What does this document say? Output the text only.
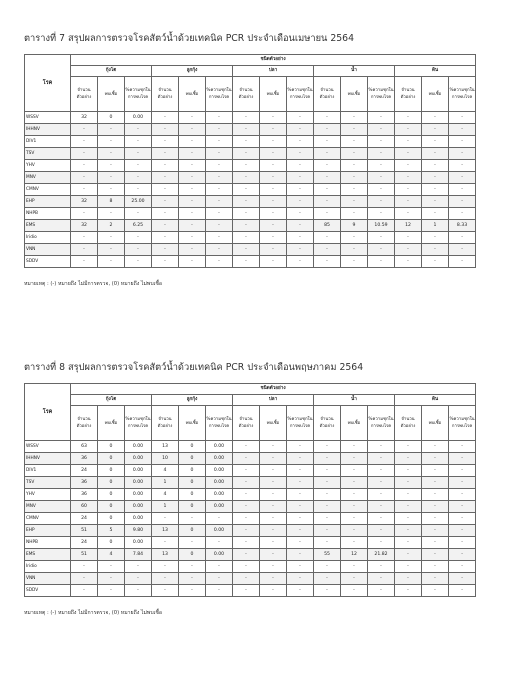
ตารางที่ 7 สรุปผลการตรวจโรคสัตว์น้ำด้วยเทคนิค PCR ประจำเดือนเมษายน 2564
โรค	ชนิดตัวอย่าง														
	กุ้งโต			ลูกกุ้ง			ปลา			น้ำ			ดิน		
	จำนวนตัวอย่าง	พบเชื้อ	%ความชุกในการพบโรค	จำนวนตัวอย่าง	พบเชื้อ	%ความชุกในการพบโรค	จำนวนตัวอย่าง	พบเชื้อ	%ความชุกในการพบโรค	จำนวนตัวอย่าง	พบเชื้อ	%ความชุกในการพบโรค	จำนวนตัวอย่าง	พบเชื้อ	%ความชุกในการพบโรค
WSSV	32	0	0.00	-	-	-	-	-	-	-	-	-	-	-	-
IHHNV	-	-	-	-	-	-	-	-	-	-	-	-	-	-	-
DIV1	-	-	-	-	-	-	-	-	-	-	-	-	-	-	-
TSV	-	-	-	-	-	-	-	-	-	-	-	-	-	-	-
YHV	-	-	-	-	-	-	-	-	-	-	-	-	-	-	-
MNV	-	-	-	-	-	-	-	-	-	-	-	-	-	-	-
CMNV	-	-	-	-	-	-	-	-	-	-	-	-	-	-	-
EHP	32	8	25.00	-	-	-	-	-	-	-	-	-	-	-	-
NHPB	-	-	-	-	-	-	-	-	-	-	-	-	-	-	-
EMS	32	2	6.25	-	-	-	-	-	-	85	9	10.59	12	1	8.33
Iridio	-	-	-	-	-	-	-	-	-	-	-	-	-	-	-
VNN	-	-	-	-	-	-	-	-	-	-	-	-	-	-	-
SDDV	-	-	-	-	-	-	-	-	-	-	-	-	-	-	-
หมายเหตุ : (-) หมายถึง ไม่มีการตรวจ, (0) หมายถึง ไม่พบเชื้อ
ตารางที่ 8 สรุปผลการตรวจโรคสัตว์น้ำด้วยเทคนิค PCR ประจำเดือนพฤษภาคม 2564
โรค	ชนิดตัวอย่าง														
	กุ้งโต			ลูกกุ้ง			ปลา			น้ำ			ดิน		
	จำนวนตัวอย่าง	พบเชื้อ	%ความชุกในการพบโรค	จำนวนตัวอย่าง	พบเชื้อ	%ความชุกในการพบโรค	จำนวนตัวอย่าง	พบเชื้อ	%ความชุกในการพบโรค	จำนวนตัวอย่าง	พบเชื้อ	%ความชุกในการพบโรค	จำนวนตัวอย่าง	พบเชื้อ	%ความชุกในการพบโรค
WSSV	63	0	0.00	13	0	0.00	-	-	-	-	-	-	-	-	-
IHHNV	36	0	0.00	10	0	0.00	-	-	-	-	-	-	-	-	-
DIV1	24	0	0.00	4	0	0.00	-	-	-	-	-	-	-	-	-
TSV	36	0	0.00	1	0	0.00	-	-	-	-	-	-	-	-	-
YHV	36	0	0.00	4	0	0.00	-	-	-	-	-	-	-	-	-
MNV	60	0	0.00	1	0	0.00	-	-	-	-	-	-	-	-	-
CMNV	24	0	0.00	-	-	-	-	-	-	-	-	-	-	-	-
EHP	51	5	9.80	13	0	0.00	-	-	-	-	-	-	-	-	-
NHPB	24	0	0.00	-	-	-	-	-	-	-	-	-	-	-	-
EMS	51	4	7.84	13	0	0.00	-	-	-	55	12	21.82	-	-	-
Iridio	-	-	-	-	-	-	-	-	-	-	-	-	-	-	-
VNN	-	-	-	-	-	-	-	-	-	-	-	-	-	-	-
SDDV	-	-	-	-	-	-	-	-	-	-	-	-	-	-	-
หมายเหตุ : (-) หมายถึง ไม่มีการตรวจ, (0) หมายถึง ไม่พบเชื้อ
